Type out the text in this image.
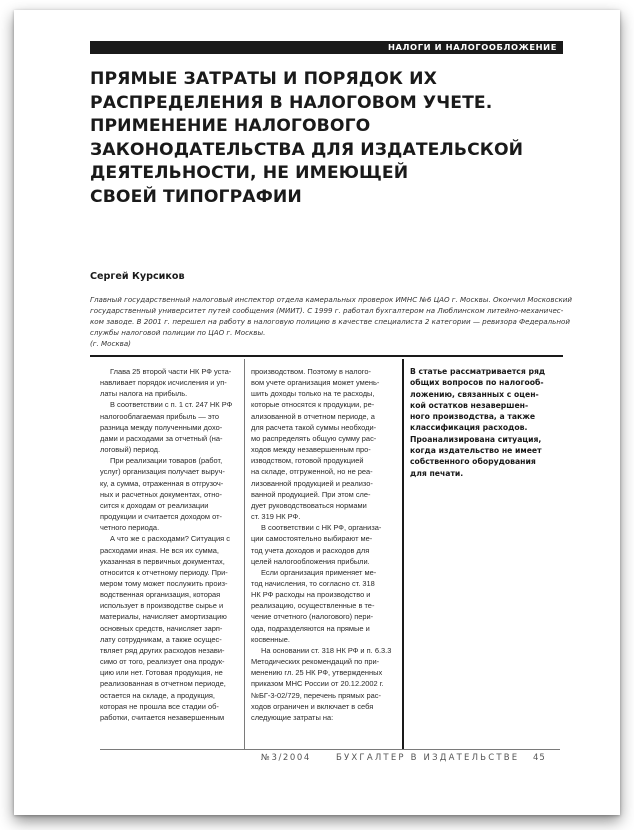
НАЛОГИ И НАЛОГООБЛОЖЕНИЕ
ПРЯМЫЕ ЗАТРАТЫ И ПОРЯДОК ИХ
РАСПРЕДЕЛЕНИЯ В НАЛОГОВОМ УЧЕТЕ.
ПРИМЕНЕНИЕ НАЛОГОВОГО
ЗАКОНОДАТЕЛЬСТВА ДЛЯ ИЗДАТЕЛЬСКОЙ
ДЕЯТЕЛЬНОСТИ, НЕ ИМЕЮЩЕЙ
СВОЕЙ ТИПОГРАФИИ
Сергей Курсиков
Главный государственный налоговый инспектор отдела камеральных проверок ИМНС №6 ЦАО г. Москвы. Окончил Московский
государственный университет путей сообщения (МИИТ). С 1999 г. работал бухгалтером на Люблинском литейно-механичес-
ком заводе. В 2001 г. перешел на работу в налоговую полицию в качестве специалиста 2 категории — ревизора Федеральной
службы налоговой полиции по ЦАО г. Москвы.
(г. Москва)
Глава 25 второй части НК РФ уста-
навливает порядок исчисления и уп-
латы налога на прибыль.
В соответствии с п. 1 ст. 247 НК РФ
налогооблагаемая прибыль — это
разница между полученными дохо-
дами и расходами за отчетный (на-
логовый) период.
При реализации товаров (работ,
услуг) организация получает выруч-
ку, а сумма, отраженная в отгрузоч-
ных и расчетных документах, отно-
сится к доходам от реализации
продукции и считается доходом от-
четного периода.
А что же с расходами? Ситуация с
расходами иная. Не вся их сумма,
указанная в первичных документах,
относится к отчетному периоду. При-
мером тому может послужить произ-
водственная организация, которая
использует в производстве сырье и
материалы, начисляет амортизацию
основных средств, начисляет зарп-
лату сотрудникам, а также осущес-
твляет ряд других расходов незави-
симо от того, реализует она продук-
цию или нет. Готовая продукция, не
реализованная в отчетном периоде,
остается на складе, а продукция,
которая не прошла все стадии об-
работки, считается незавершенным
производством. Поэтому в налого-
вом учете организация может умень-
шить доходы только на те расходы,
которые относятся к продукции, ре-
ализованной в отчетном периоде, а
для расчета такой суммы необходи-
мо распределять общую сумму рас-
ходов между незавершенным про-
изводством, готовой продукцией
на складе, отгруженной, но не реа-
лизованной продукцией и реализо-
ванной продукцией. При этом сле-
дует руководствоваться нормами
ст. 319 НК РФ.
В соответствии с НК РФ, организа-
ции самостоятельно выбирают ме-
тод учета доходов и расходов для
целей налогообложения прибыли.
Если организация применяет ме-
тод начисления, то согласно ст. 318
НК РФ расходы на производство и
реализацию, осуществленные в те-
чение отчетного (налогового) пери-
ода, подразделяются на прямые и
косвенные.
На основании ст. 318 НК РФ и п. 6.3.3
Методических рекомендаций по при-
менению гл. 25 НК РФ, утвержденных
приказом МНС России от 20.12.2002 г.
№БГ-3-02/729, перечень прямых рас-
ходов ограничен и включает в себя
следующие затраты на:
В статье рассматривается ряд
общих вопросов по налогооб-
ложению, связанных с оцен-
кой остатков незавершен-
ного производства, а также
классификация расходов.
Проанализирована ситуация,
когда издательство не имеет
собственного оборудования
для печати.
№3/2004	БУХГАЛТЕР В ИЗДАТЕЛЬСТВЕ 45
